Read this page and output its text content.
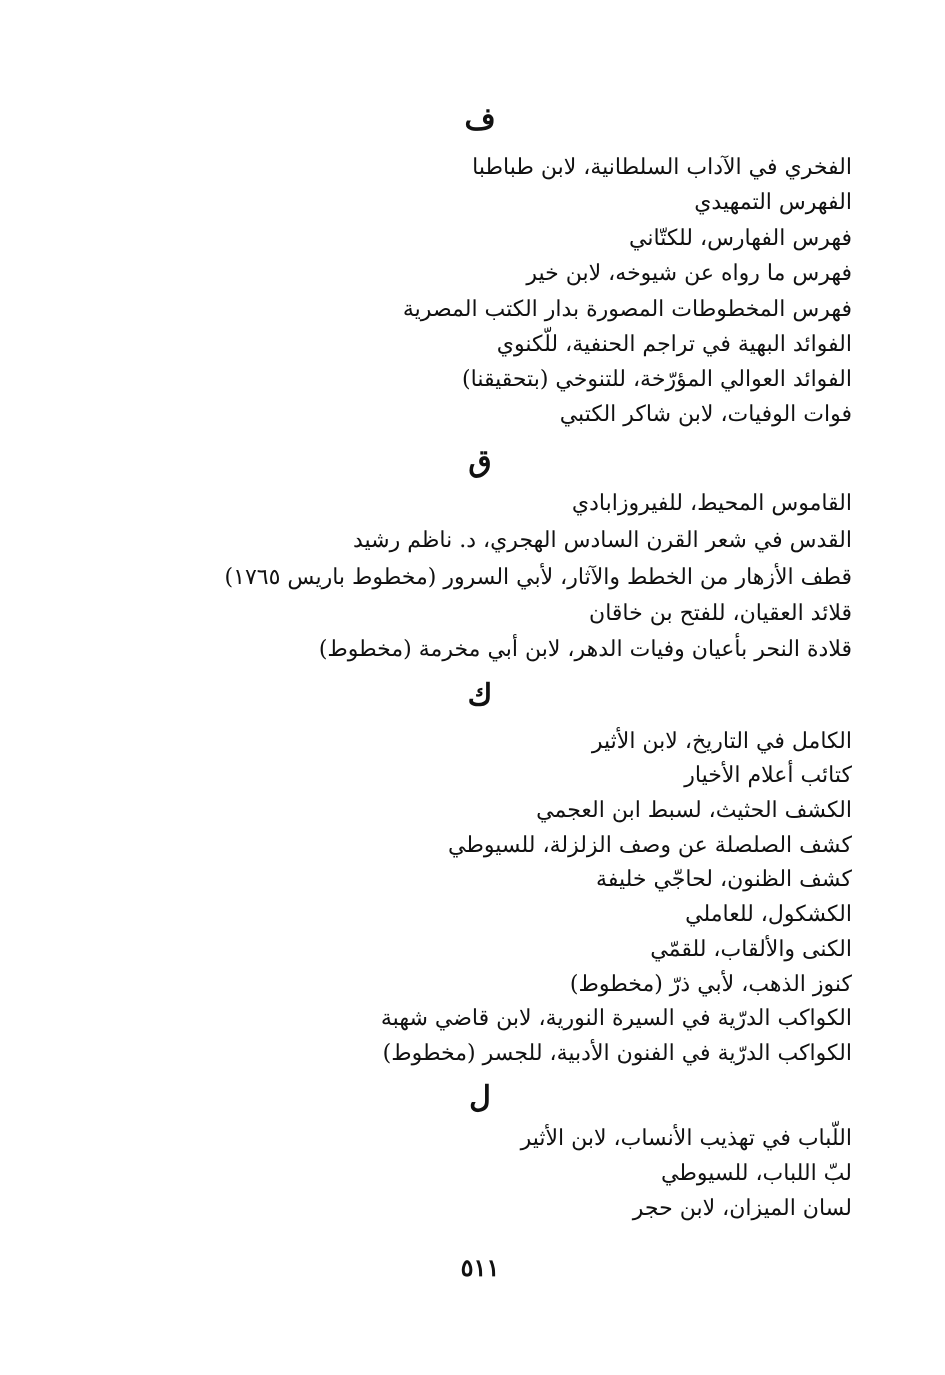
ف
الفخري في الآداب السلطانية، لابن طباطبا
الفهرس التمهيدي
فهرس الفهارس، للكتّاني
فهرس ما رواه عن شيوخه، لابن خير
فهرس المخطوطات المصورة بدار الكتب المصرية
الفوائد البهية في تراجم الحنفية، للّكنوي
الفوائد العوالي المؤرّخة، للتنوخي (بتحقيقنا)
فوات الوفيات، لابن شاكر الكتبي
ق
القاموس المحيط، للفيروزابادي
القدس في شعر القرن السادس الهجري، د. ناظم رشيد
قطف الأزهار من الخطط والآثار، لأبي السرور (مخطوط باريس ١٧٦٥)
قلائد العقيان، للفتح بن خاقان
قلادة النحر بأعيان وفيات الدهر، لابن أبي مخرمة (مخطوط)
ك
الكامل في التاريخ، لابن الأثير
كتائب أعلام الأخيار
الكشف الحثيث، لسبط ابن العجمي
كشف الصلصلة عن وصف الزلزلة، للسيوطي
كشف الظنون، لحاجّي خليفة
الكشكول، للعاملي
الكنى والألقاب، للقمّي
كنوز الذهب، لأبي ذرّ (مخطوط)
الكواكب الدرّية في السيرة النورية، لابن قاضي شهبة
الكواكب الدرّية في الفنون الأدبية، للجسر (مخطوط)
ل
اللّباب في تهذيب الأنساب، لابن الأثير
لبّ اللباب، للسيوطي
لسان الميزان، لابن حجر
٥١١
